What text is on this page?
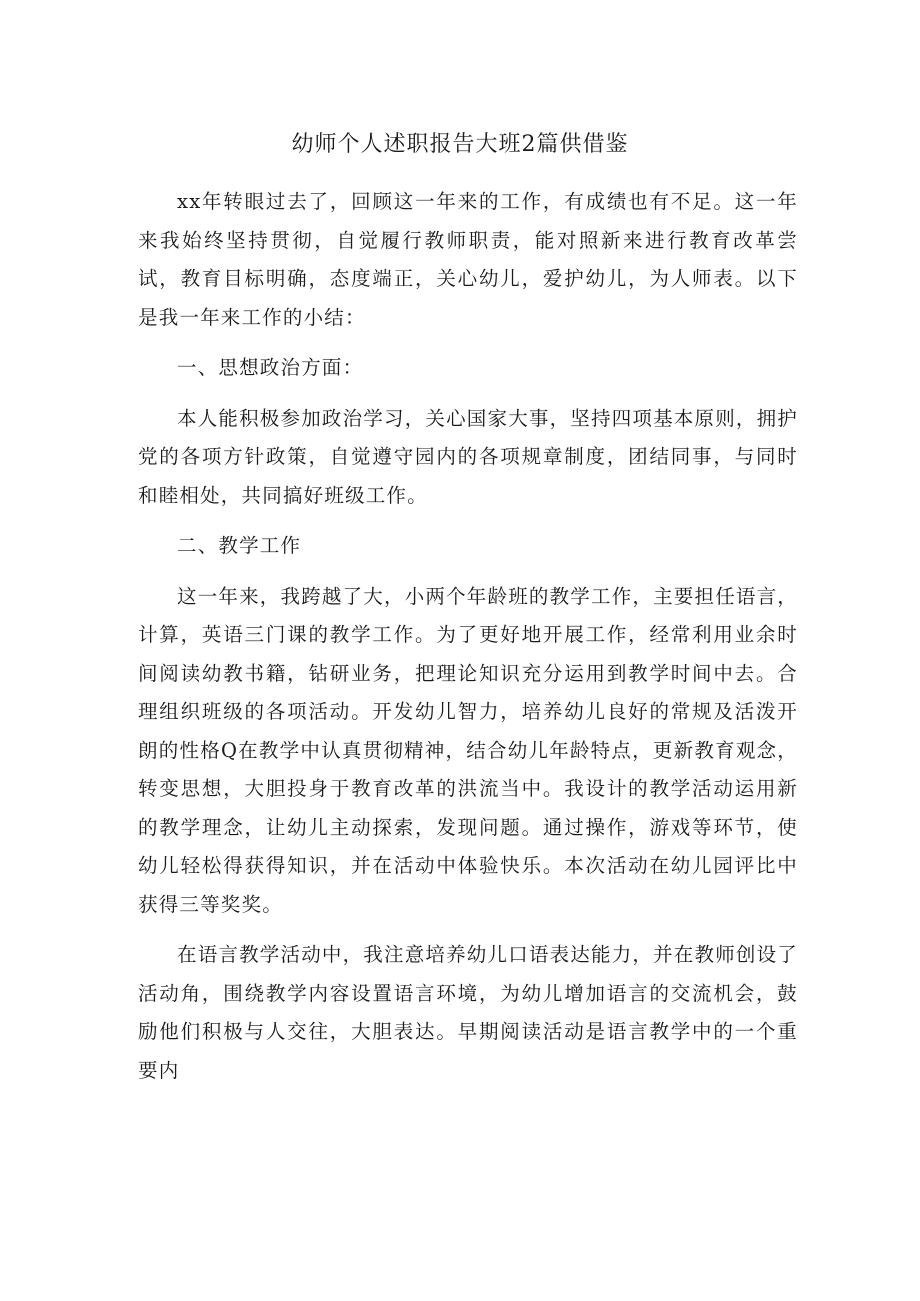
幼师个人述职报告大班2篇供借鉴

xx年转眼过去了，回顾这一年来的工作，有成绩也有不足。这一年来我始终坚持贯彻，自觉履行教师职责，能对照新来进行教育改革尝试，教育目标明确，态度端正，关心幼儿，爱护幼儿，为人师表。以下是我一年来工作的小结：

一、思想政治方面：

本人能积极参加政治学习，关心国家大事，坚持四项基本原则，拥护党的各项方针政策，自觉遵守园内的各项规章制度，团结同事，与同时和睦相处，共同搞好班级工作。

二、教学工作

这一年来，我跨越了大，小两个年龄班的教学工作，主要担任语言，计算，英语三门课的教学工作。为了更好地开展工作，经常利用业余时间阅读幼教书籍，钻研业务，把理论知识充分运用到教学时间中去。合理组织班级的各项活动。开发幼儿智力，培养幼儿良好的常规及活泼开朗的性格Q在教学中认真贯彻精神，结合幼儿年龄特点，更新教育观念，转变思想，大胆投身于教育改革的洪流当中。我设计的教学活动运用新的教学理念，让幼儿主动探索，发现问题。通过操作，游戏等环节，使幼儿轻松得获得知识，并在活动中体验快乐。本次活动在幼儿园评比中获得三等奖奖。

在语言教学活动中，我注意培养幼儿口语表达能力，并在教师创设了活动角，围绕教学内容设置语言环境，为幼儿增加语言的交流机会，鼓励他们积极与人交往，大胆表达。早期阅读活动是语言教学中的一个重要内
